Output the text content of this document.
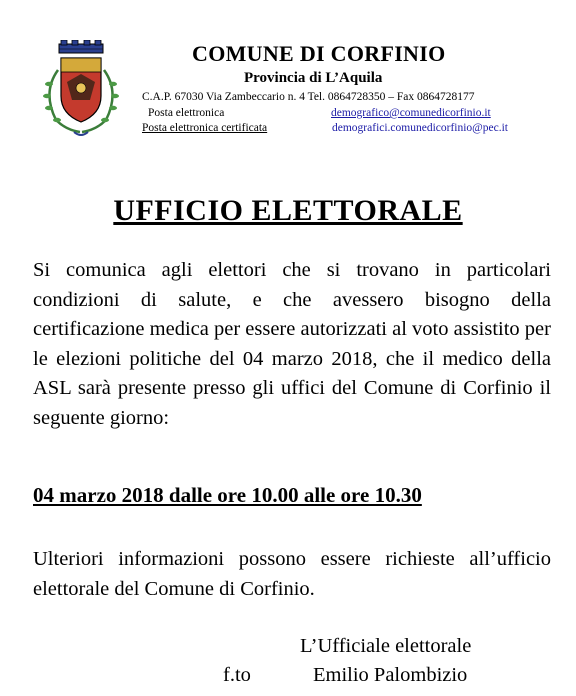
COMUNE DI CORFINIO
Provincia di L’Aquila
C.A.P. 67030 Via Zambeccario n. 4 Tel. 0864728350 – Fax 0864728177
Posta elettronica	demografico@comunedicorfinio.it
Posta elettronica certificata	demografici.comunedicorfinio@pec.it
UFFICIO ELETTORALE
Si comunica agli elettori che si trovano in particolari condizioni di salute, e che avessero bisogno della certificazione medica per essere autorizzati al voto assistito per le elezioni politiche del 04 marzo 2018, che il medico della ASL sarà presente presso gli uffici del Comune di Corfinio il seguente giorno:
04 marzo 2018 dalle ore 10.00 alle ore 10.30
Ulteriori informazioni possono essere richieste all’ufficio elettorale del Comune di Corfinio.
L’Ufficiale elettorale
f.to	Emilio Palombizio
